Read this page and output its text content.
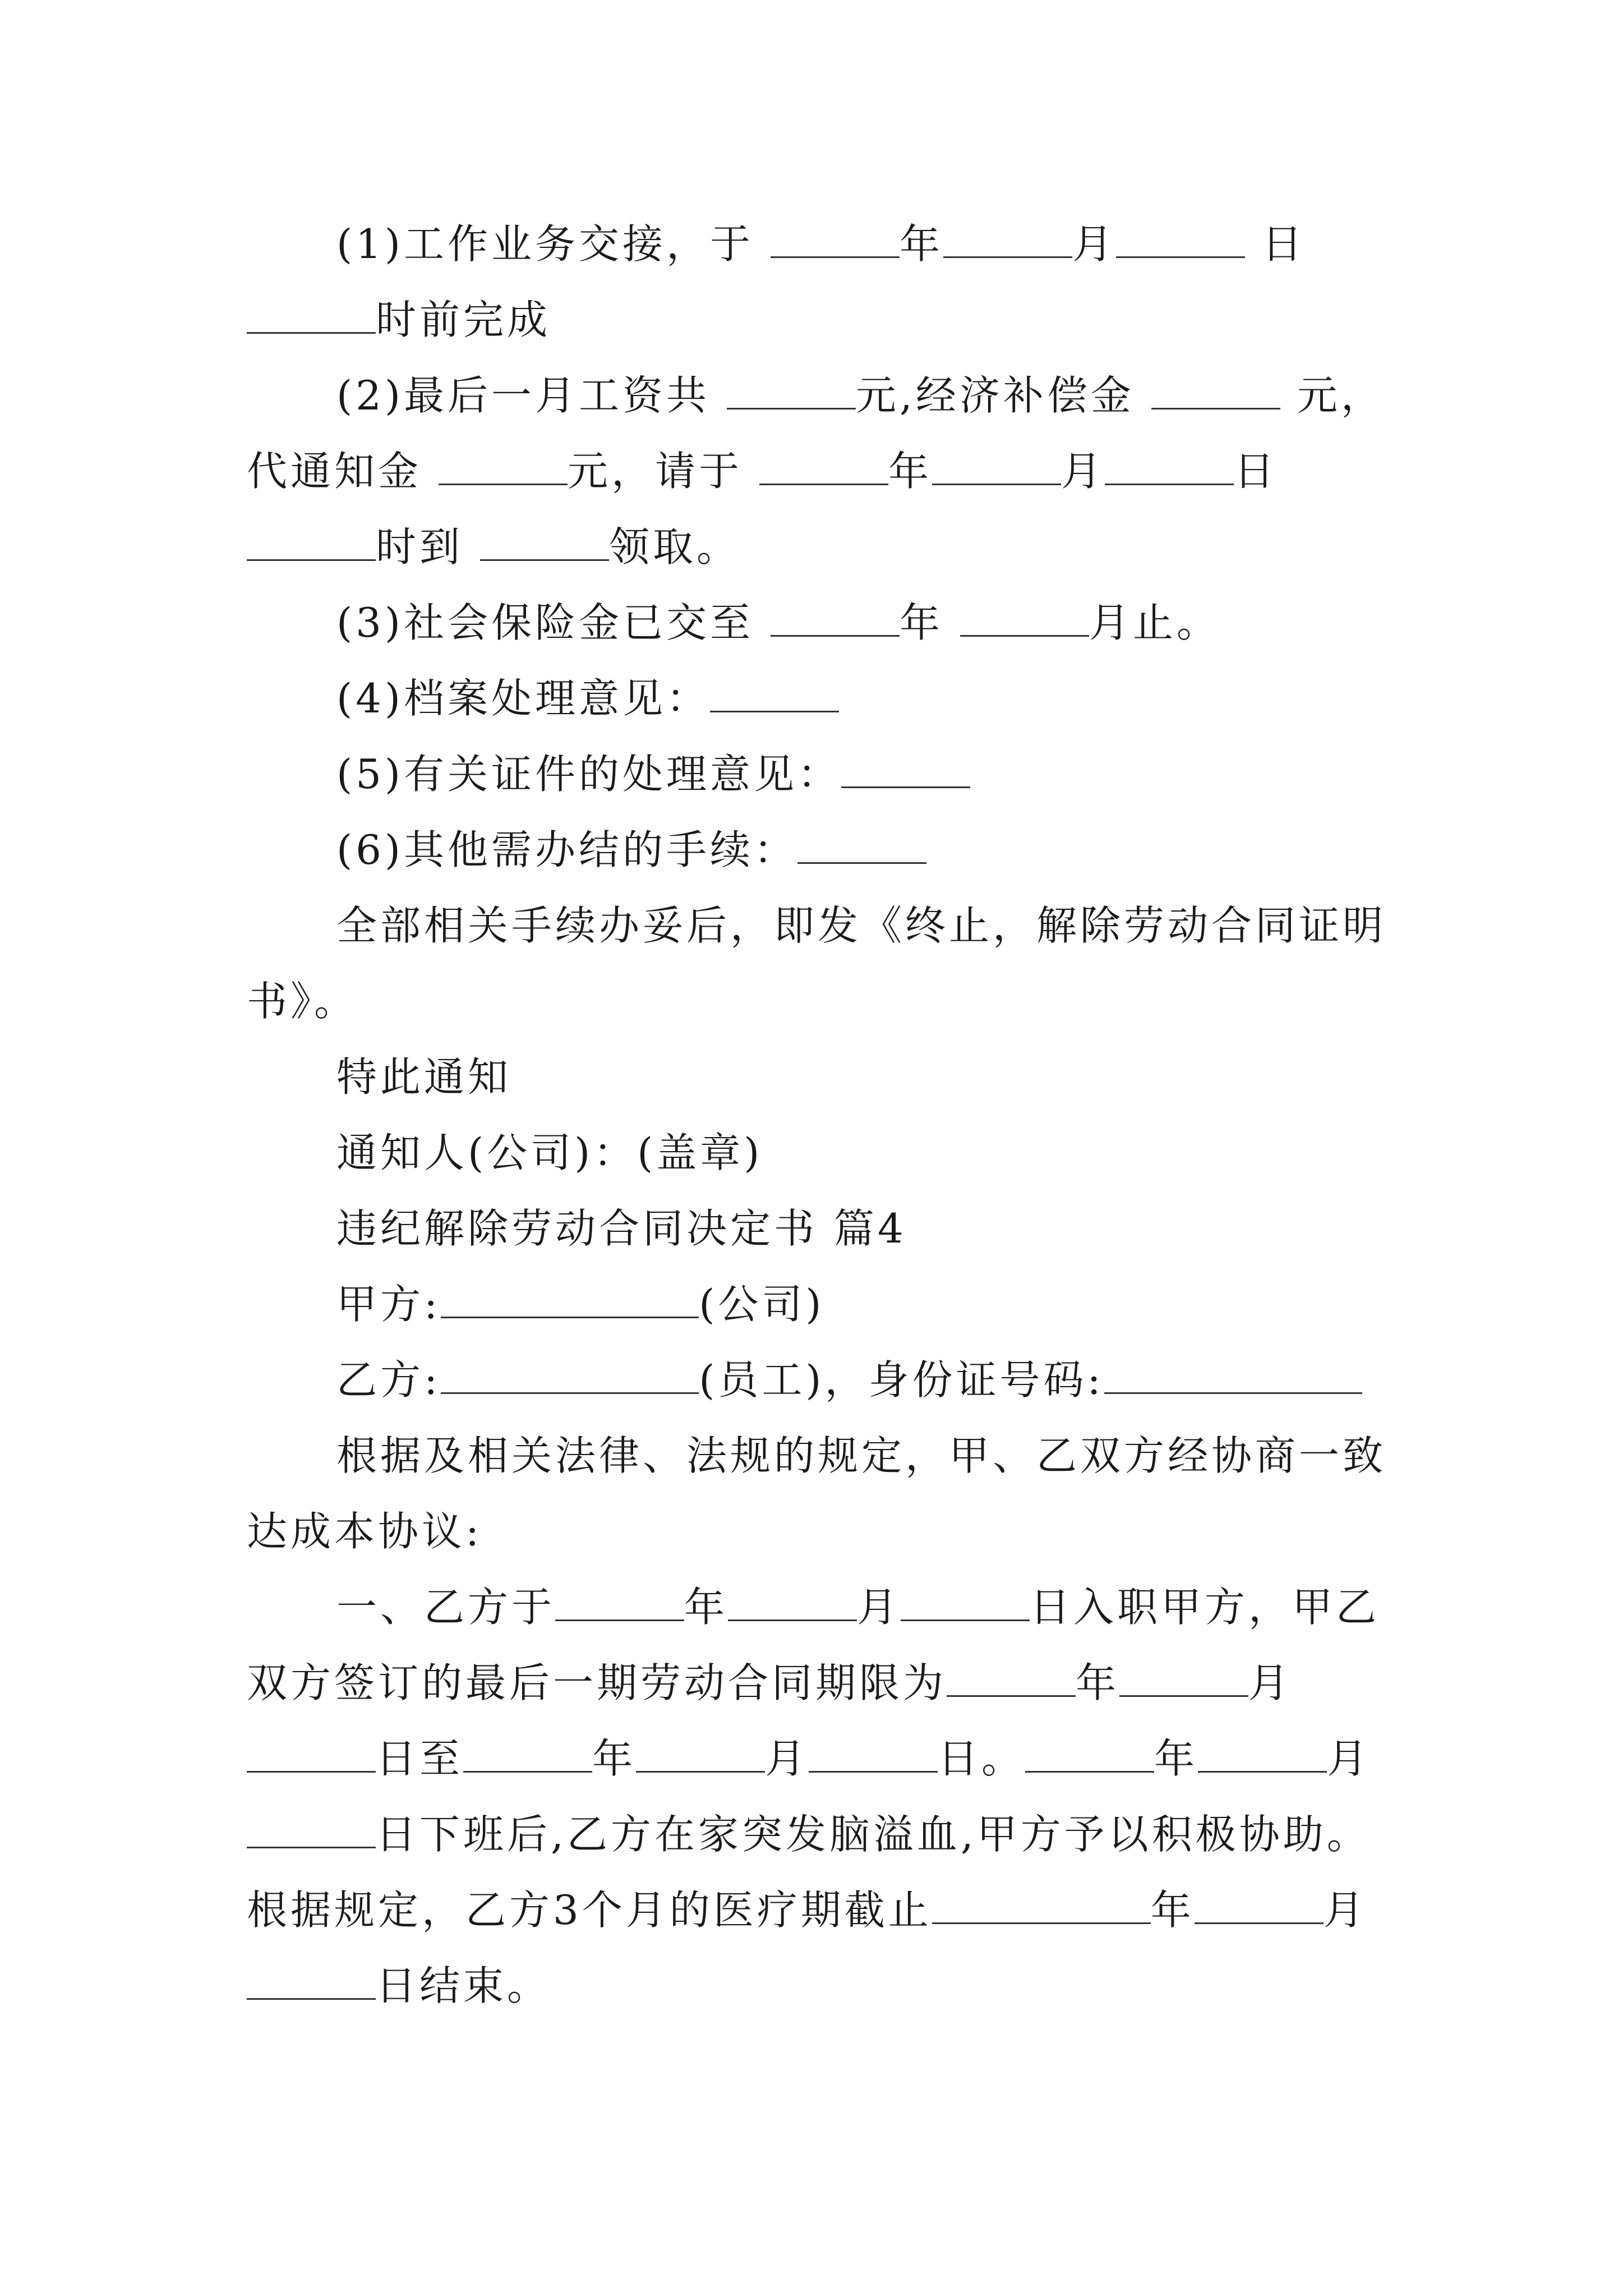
(1)工作业务交接，于	年	月	日
时前完成
(2)最后一月工资共	元,经济补偿金	元，
代通知金	元，请于	年	月	日
时到	领取。
(3)社会保险金已交至	年	月止。
(4)档案处理意见：
(5)有关证件的处理意见：
(6)其他需办结的手续：
全部相关手续办妥后，即发《终止，解除劳动合同证明
书》。
特此通知
通知人(公司)：(盖章)
违纪解除劳动合同决定书 篇4
甲方:	(公司)
乙方:	(员工)，身份证号码:
根据及相关法律、法规的规定，甲、乙双方经协商一致
达成本协议:
一、乙方于	年	月	日入职甲方，甲乙
双方签订的最后一期劳动合同期限为	年	月
日至	年	月	日。	年	月
日下班后,乙方在家突发脑溢血,甲方予以积极协助。
根据规定，乙方3个月的医疗期截止	年	月
日结束。
